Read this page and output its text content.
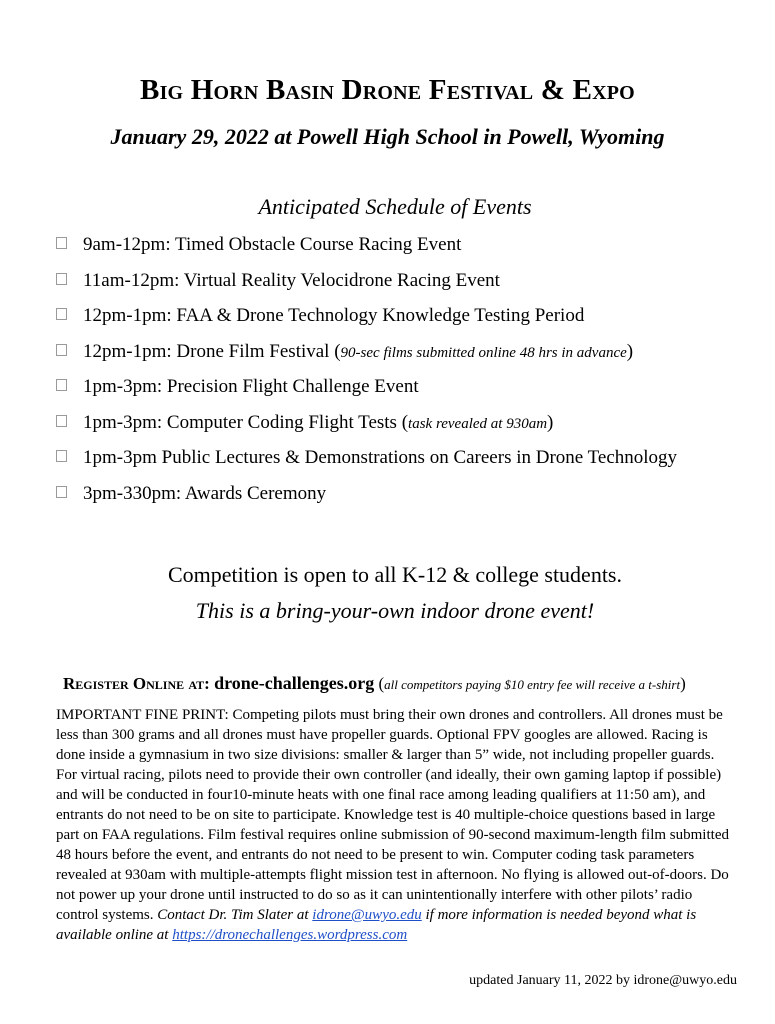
Big Horn Basin Drone Festival & Expo
January 29, 2022 at Powell High School in Powell, Wyoming
Anticipated Schedule of Events
9am-12pm: Timed Obstacle Course Racing Event
11am-12pm: Virtual Reality Velocidrone Racing Event
12pm-1pm: FAA & Drone Technology Knowledge Testing Period
12pm-1pm: Drone Film Festival (90-sec films submitted online 48 hrs in advance)
1pm-3pm: Precision Flight Challenge Event
1pm-3pm: Computer Coding Flight Tests (task revealed at 930am)
1pm-3pm Public Lectures & Demonstrations on Careers in Drone Technology
3pm-330pm: Awards Ceremony
Competition is open to all K-12 & college students.
This is a bring-your-own indoor drone event!
Register Online at: drone-challenges.org (all competitors paying $10 entry fee will receive a t-shirt)
IMPORTANT FINE PRINT: Competing pilots must bring their own drones and controllers. All drones must be less than 300 grams and all drones must have propeller guards. Optional FPV googles are allowed. Racing is done inside a gymnasium in two size divisions: smaller & larger than 5” wide, not including propeller guards. For virtual racing, pilots need to provide their own controller (and ideally, their own gaming laptop if possible) and will be conducted in four10-minute heats with one final race among leading qualifiers at 11:50 am), and entrants do not need to be on site to participate. Knowledge test is 40 multiple-choice questions based in large part on FAA regulations. Film festival requires online submission of 90-second maximum-length film submitted 48 hours before the event, and entrants do not need to be present to win. Computer coding task parameters revealed at 930am with multiple-attempts flight mission test in afternoon. No flying is allowed out-of-doors. Do not power up your drone until instructed to do so as it can unintentionally interfere with other pilots’ radio control systems. Contact Dr. Tim Slater at idrone@uwyo.edu if more information is needed beyond what is available online at https://dronechallenges.wordpress.com
updated January 11, 2022 by idrone@uwyo.edu
